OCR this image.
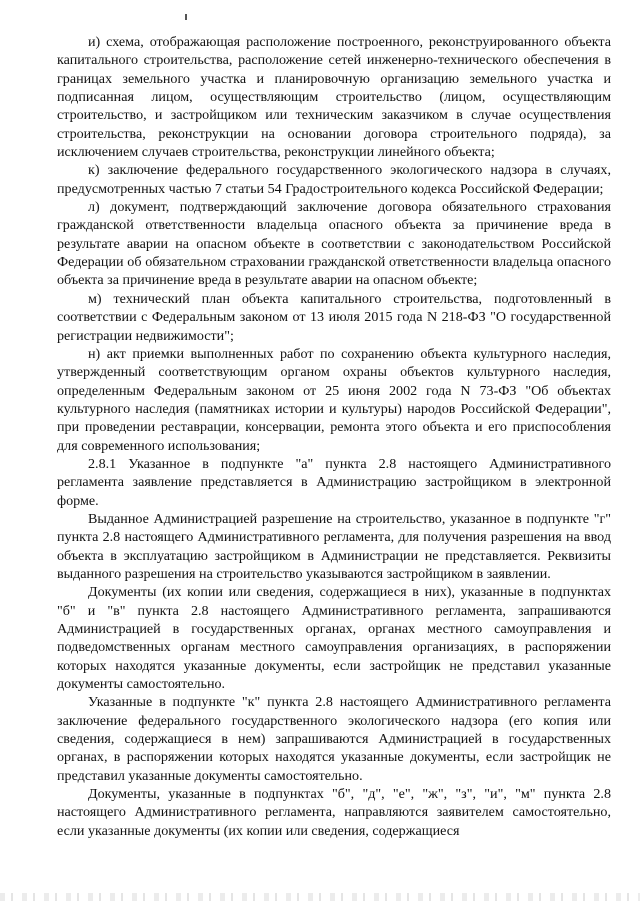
и) схема, отображающая расположение построенного, реконструированного объекта капитального строительства, расположение сетей инженерно-технического обеспечения в границах земельного участка и планировочную организацию земельного участка и подписанная лицом, осуществляющим строительство (лицом, осуществляющим строительство, и застройщиком или техническим заказчиком в случае осуществления строительства, реконструкции на основании договора строительного подряда), за исключением случаев строительства, реконструкции линейного объекта;

к) заключение федерального государственного экологического надзора в случаях, предусмотренных частью 7 статьи 54 Градостроительного кодекса Российской Федерации;

л) документ, подтверждающий заключение договора обязательного страхования гражданской ответственности владельца опасного объекта за причинение вреда в результате аварии на опасном объекте в соответствии с законодательством Российской Федерации об обязательном страховании гражданской ответственности владельца опасного объекта за причинение вреда в результате аварии на опасном объекте;

м) технический план объекта капитального строительства, подготовленный в соответствии с Федеральным законом от 13 июля 2015 года N 218-ФЗ "О государственной регистрации недвижимости";

н) акт приемки выполненных работ по сохранению объекта культурного наследия, утвержденный соответствующим органом охраны объектов культурного наследия, определенным Федеральным законом от 25 июня 2002 года N 73-ФЗ "Об объектах культурного наследия (памятниках истории и культуры) народов Российской Федерации", при проведении реставрации, консервации, ремонта этого объекта и его приспособления для современного использования;

2.8.1 Указанное в подпункте "а" пункта 2.8 настоящего Административного регламента заявление представляется в Администрацию застройщиком в электронной форме.

Выданное Администрацией разрешение на строительство, указанное в подпункте "г" пункта 2.8 настоящего Административного регламента, для получения разрешения на ввод объекта в эксплуатацию застройщиком в Администрации не представляется. Реквизиты выданного разрешения на строительство указываются застройщиком в заявлении.

Документы (их копии или сведения, содержащиеся в них), указанные в подпунктах "б" и "в" пункта 2.8 настоящего Административного регламента, запрашиваются Администрацией в государственных органах, органах местного самоуправления и подведомственных органам местного самоуправления организациях, в распоряжении которых находятся указанные документы, если застройщик не представил указанные документы самостоятельно.

Указанные в подпункте "к" пункта 2.8 настоящего Административного регламента заключение федерального государственного экологического надзора (его копия или сведения, содержащиеся в нем) запрашиваются Администрацией в государственных органах, в распоряжении которых находятся указанные документы, если застройщик не представил указанные документы самостоятельно.

Документы, указанные в подпунктах "б", "д", "е", "ж", "з", "и", "м" пункта 2.8 настоящего Административного регламента, направляются заявителем самостоятельно, если указанные документы (их копии или сведения, содержащиеся
